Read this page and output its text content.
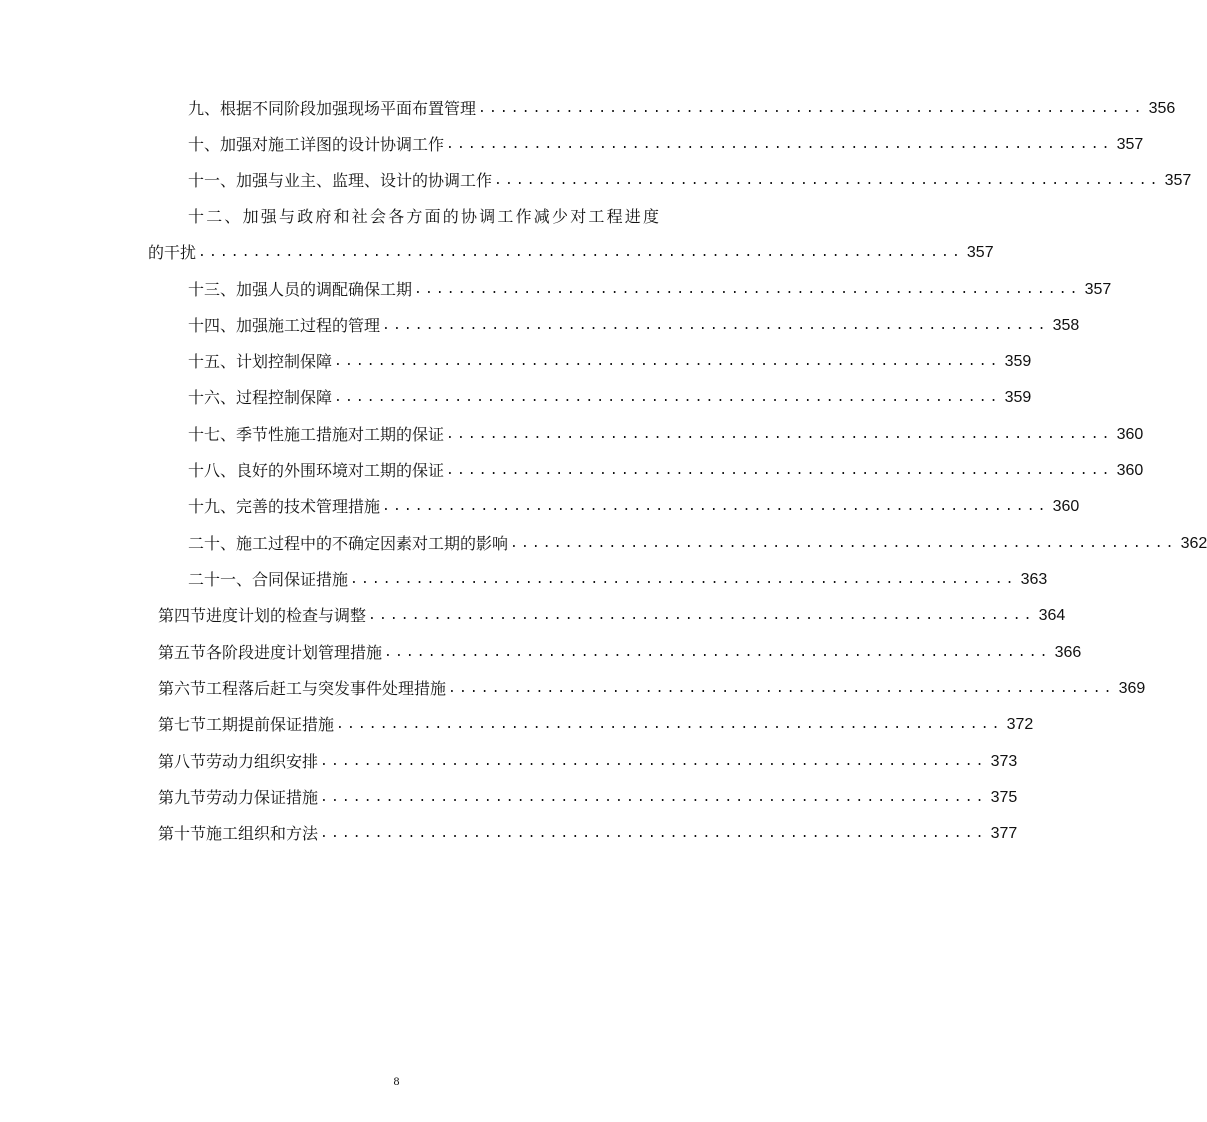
九、 根据不同阶段加强现场平面布置管理 ............................................................. 356
十、 加强对施工详图的设计协调工作 ............................................................. 357
十一、 加强与业主、监理、设计的协调工作 ............................................................. 357
十二、加强与政府和社会各方面的协调工作减少对工程进度
的干扰 ...................................................................... 357
十三、 加强人员的调配确保工期 ............................................................. 357
十四、 加强施工过程的管理 ............................................................. 358
十五、 计划控制保障 ............................................................. 359
十六、 过程控制保障 ............................................................. 359
十七、 季节性施工措施对工期的保证 ............................................................. 360
十八、 良好的外围环境对工期的保证 ............................................................. 360
十九、 完善的技术管理措施 ............................................................. 360
二十、 施工过程中的不确定因素对工期的影响 ............................................................. 362
二十一、 合同保证措施 ............................................................. 363
第四节 进度计划的检查与调整 ............................................................. 364
第五节 各阶段进度计划管理措施 ............................................................. 366
第六节 工程落后赶工与突发事件处理措施 ............................................................. 369
第七节 工期提前保证措施 ............................................................. 372
第八节 劳动力组织安排 ............................................................. 373
第九节 劳动力保证措施 ............................................................. 375
第十节 施工组织和方法 ............................................................. 377
8
